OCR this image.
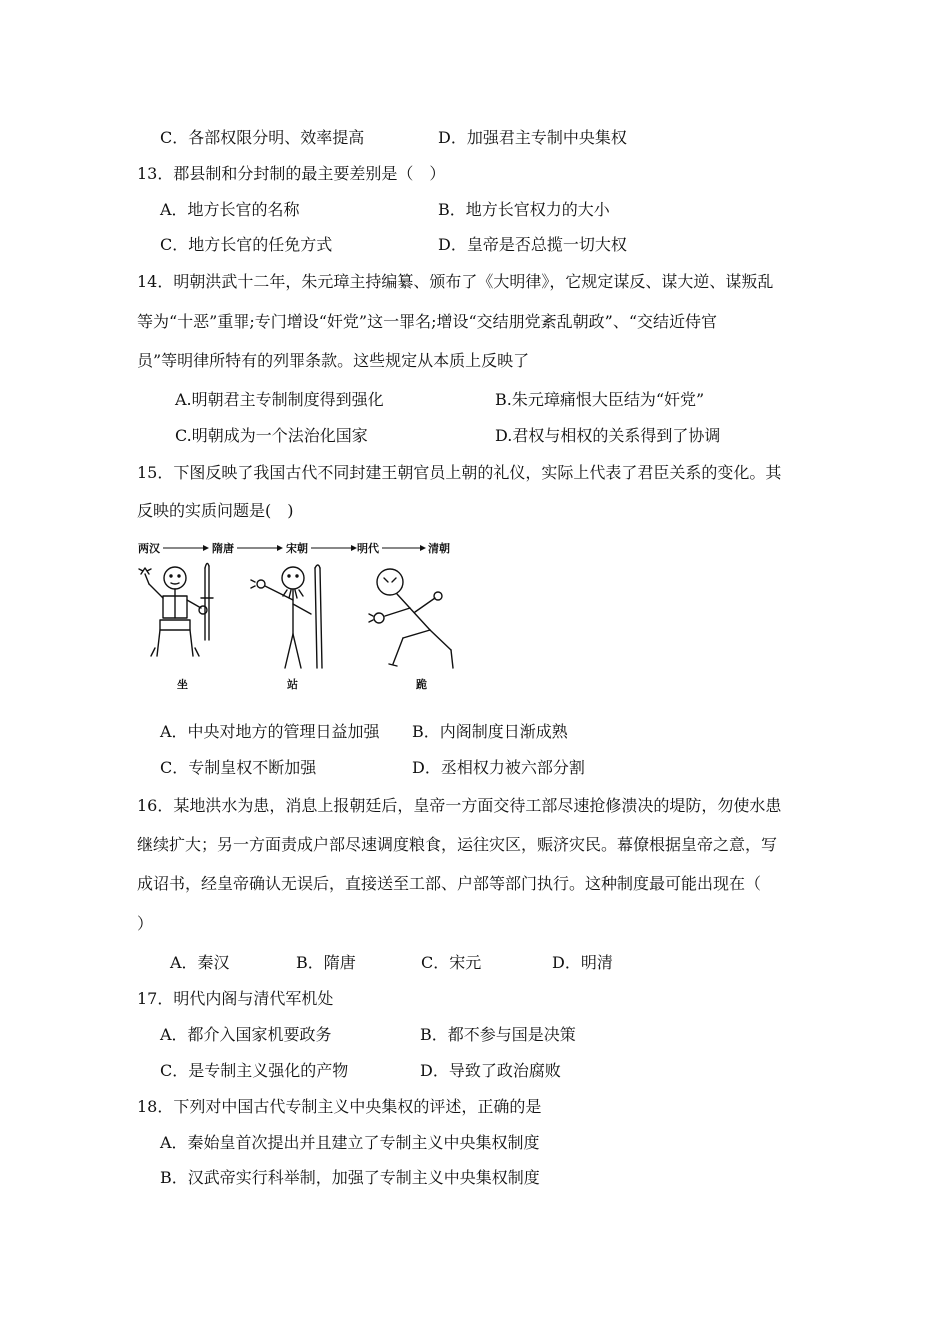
C．各部权限分明、效率提高	D．加强君主专制中央集权
13．郡县制和分封制的最主要差别是（　）
A．地方长官的名称	B．地方长官权力的大小
C．地方长官的任免方式	D．皇帝是否总揽一切大权
14．明朝洪武十二年，朱元璋主持编纂、颁布了《大明律》，它规定谋反、谋大逆、谋叛乱
等为“十恶”重罪;专门增设“奸党”这一罪名;增设“交结朋党紊乱朝政”、“交结近侍官
员”等明律所特有的列罪条款。这些规定从本质上反映了
A.明朝君主专制制度得到强化	B.朱元璋痛恨大臣结为“奸党”
C.明朝成为一个法治化国家	D.君权与相权的关系得到了协调
15．下图反映了我国古代不同封建王朝官员上朝的礼仪，实际上代表了君臣关系的变化。其
反映的实质问题是(　)
两汉	隋唐	宋朝	明代	清朝
坐	站	跪
A．中央对地方的管理日益加强 B．内阁制度日渐成熟
C．专制皇权不断加强	D．丞相权力被六部分割
16．某地洪水为患，消息上报朝廷后，皇帝一方面交待工部尽速抢修溃决的堤防，勿使水患
继续扩大；另一方面责成户部尽速调度粮食，运往灾区，赈济灾民。幕僚根据皇帝之意，写
成诏书，经皇帝确认无误后，直接送至工部、户部等部门执行。这种制度最可能出现在（
）
A．秦汉	B．隋唐	C．宋元	D．明清
17．明代内阁与清代军机处
A．都介入国家机要政务	B．都不参与国是决策
C．是专制主义强化的产物	D．导致了政治腐败
18．下列对中国古代专制主义中央集权的评述，正确的是
A．秦始皇首次提出并且建立了专制主义中央集权制度
B．汉武帝实行科举制，加强了专制主义中央集权制度
